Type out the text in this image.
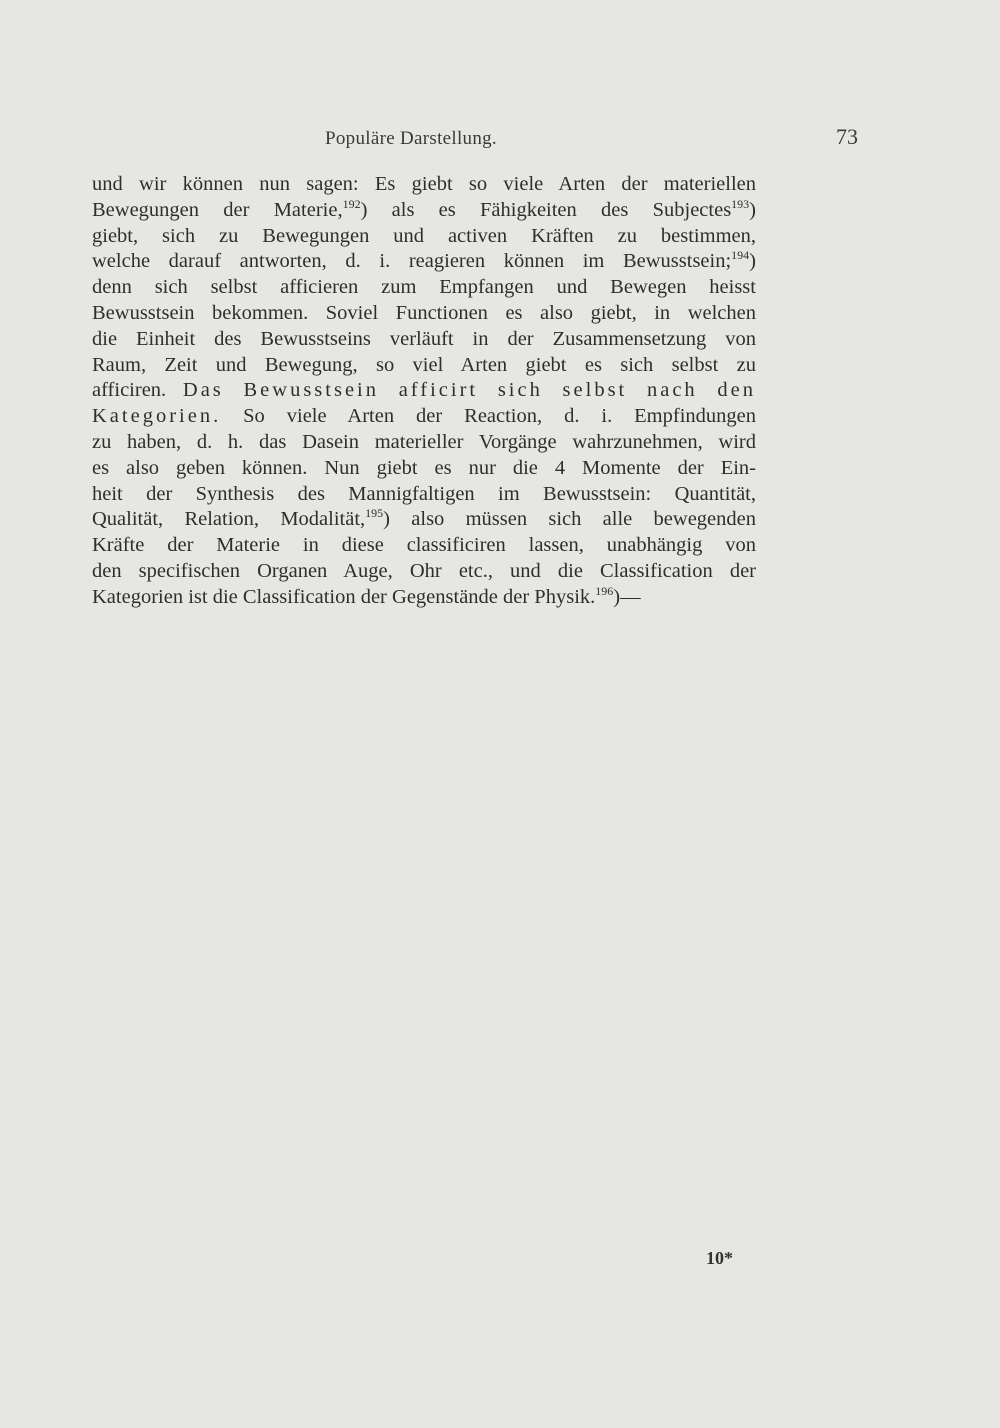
Populäre Darstellung.	73
und wir können nun sagen: Es giebt so viele Arten der materiellen
Bewegungen der Materie,$^{192}$) als es Fähigkeiten des Subjectes$^{193}$)
giebt, sich zu Bewegungen und activen Kräften zu bestimmen,
welche darauf antworten, d. i. reagieren können im Bewusstsein;$^{194}$)
denn sich selbst afficieren zum Empfangen und Bewegen heisst
Bewusstsein bekommen. Soviel Functionen es also giebt, in welchen
die Einheit des Bewusstseins verläuft in der Zusammensetzung von
Raum, Zeit und Bewegung, so viel Arten giebt es sich selbst zu
afficiren. Das Bewusstsein afficirt sich selbst nach den
Kategorien. So viele Arten der Reaction, d. i. Empfindungen
zu haben, d. h. das Dasein materieller Vorgänge wahrzunehmen, wird
es also geben können. Nun giebt es nur die 4 Momente der Ein-
heit der Synthesis des Mannigfaltigen im Bewusstsein: Quantität,
Qualität, Relation, Modalität,$^{195}$) also müssen sich alle bewegenden
Kräfte der Materie in diese classificiren lassen, unabhängig von
den specifischen Organen Auge, Ohr etc., und die Classification der
Kategorien ist die Classification der Gegenstände der Physik.$^{196}$)—
10*
